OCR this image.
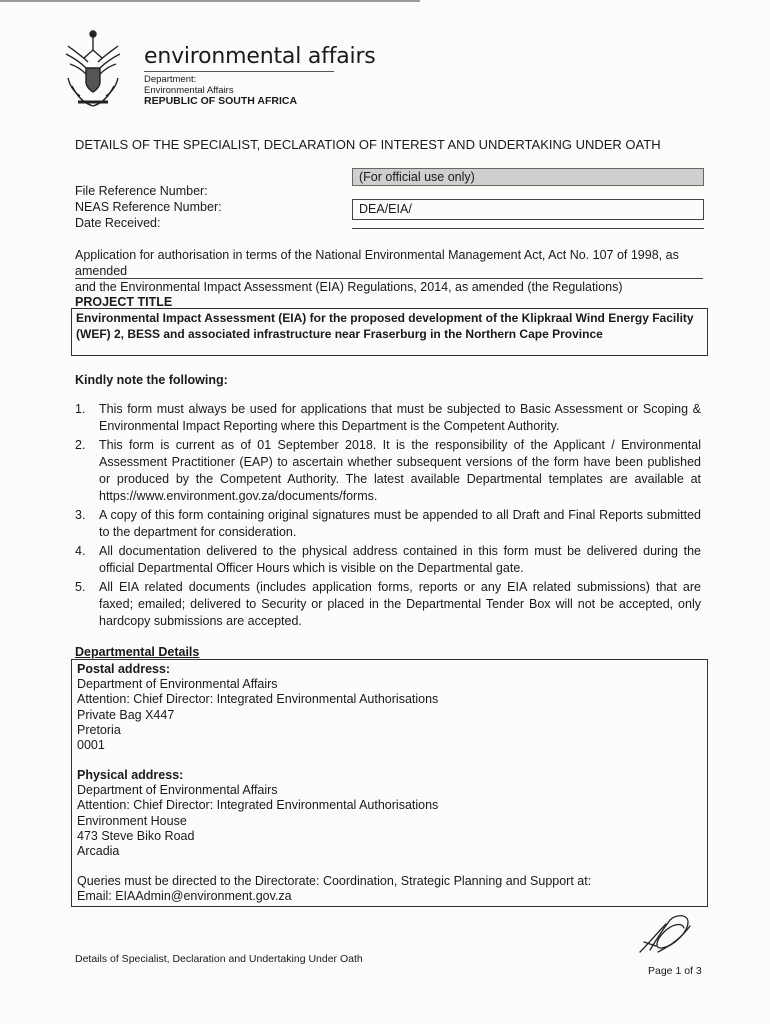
environmental affairs
Department:
Environmental Affairs
REPUBLIC OF SOUTH AFRICA
DETAILS OF THE SPECIALIST, DECLARATION OF INTEREST AND UNDERTAKING UNDER OATH
(For official use only)
File Reference Number:
NEAS Reference Number:
Date Received:
DEA/EIA/
Application for authorisation in terms of the National Environmental Management Act, Act No. 107 of 1998, as amended
and the Environmental Impact Assessment (EIA) Regulations, 2014, as amended (the Regulations)
PROJECT TITLE
Environmental Impact Assessment (EIA) for the proposed development of the Klipkraal Wind Energy Facility
(WEF) 2, BESS and associated infrastructure near Fraserburg in the Northern Cape Province
Kindly note the following:
1. This form must always be used for applications that must be subjected to Basic Assessment or Scoping & Environmental Impact Reporting where this Department is the Competent Authority.
2. This form is current as of 01 September 2018. It is the responsibility of the Applicant / Environmental Assessment Practitioner (EAP) to ascertain whether subsequent versions of the form have been published or produced by the Competent Authority. The latest available Departmental templates are available at https://www.environment.gov.za/documents/forms.
3. A copy of this form containing original signatures must be appended to all Draft and Final Reports submitted to the department for consideration.
4. All documentation delivered to the physical address contained in this form must be delivered during the official Departmental Officer Hours which is visible on the Departmental gate.
5. All EIA related documents (includes application forms, reports or any EIA related submissions) that are faxed; emailed; delivered to Security or placed in the Departmental Tender Box will not be accepted, only hardcopy submissions are accepted.
Departmental Details
Postal address:
Department of Environmental Affairs
Attention: Chief Director: Integrated Environmental Authorisations
Private Bag X447
Pretoria
0001
Physical address:
Department of Environmental Affairs
Attention: Chief Director: Integrated Environmental Authorisations
Environment House
473 Steve Biko Road
Arcadia
Queries must be directed to the Directorate: Coordination, Strategic Planning and Support at:
Email: EIAAdmin@environment.gov.za
Details of Specialist, Declaration and Undertaking Under Oath
Page 1 of 3
